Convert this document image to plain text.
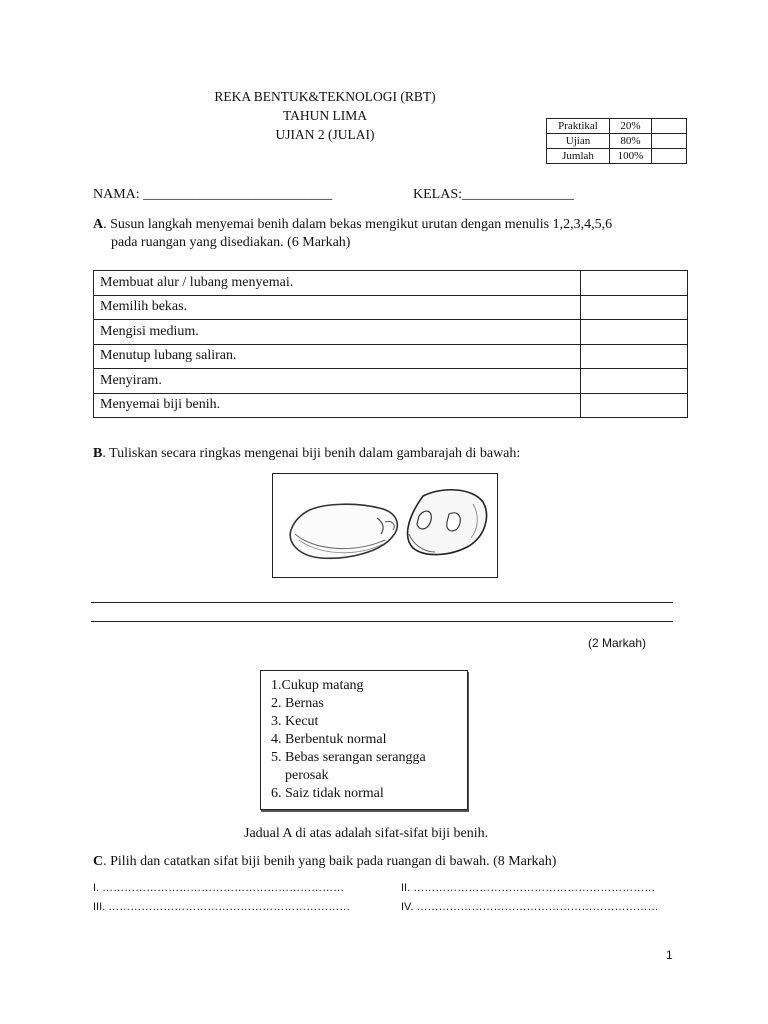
REKA BENTUK&TEKNOLOGI (RBT)
TAHUN LIMA
UJIAN 2 (JULAI)
Praktikal	20%	
Ujian	80%	
Jumlah	100%	
NAMA: ___________________________	KELAS:________________
A. Susun langkah menyemai benih dalam bekas mengikut urutan dengan menulis 1,2,3,4,5,6
pada ruangan yang disediakan. (6 Markah)
Membuat alur / lubang menyemai.	
Memilih bekas.	
Mengisi medium.	
Menutup lubang saliran.	
Menyiram.	
Menyemai biji benih.	
B. Tuliskan secara ringkas mengenai biji benih dalam gambarajah di bawah:
(2 Markah)
1.Cukup matang
2. Bernas
3. Kecut
4. Berbentuk normal
5. Bebas serangan serangga
perosak
6. Saiz tidak normal
Jadual A di atas adalah sifat-sifat biji benih.
C. Pilih dan catatkan sifat biji benih yang baik pada ruangan di bawah. (8 Markah)
I. …………………………………………………………	II. …………………………………………………………
III. …………………………………………………………	IV. …………………………………………………………
1
